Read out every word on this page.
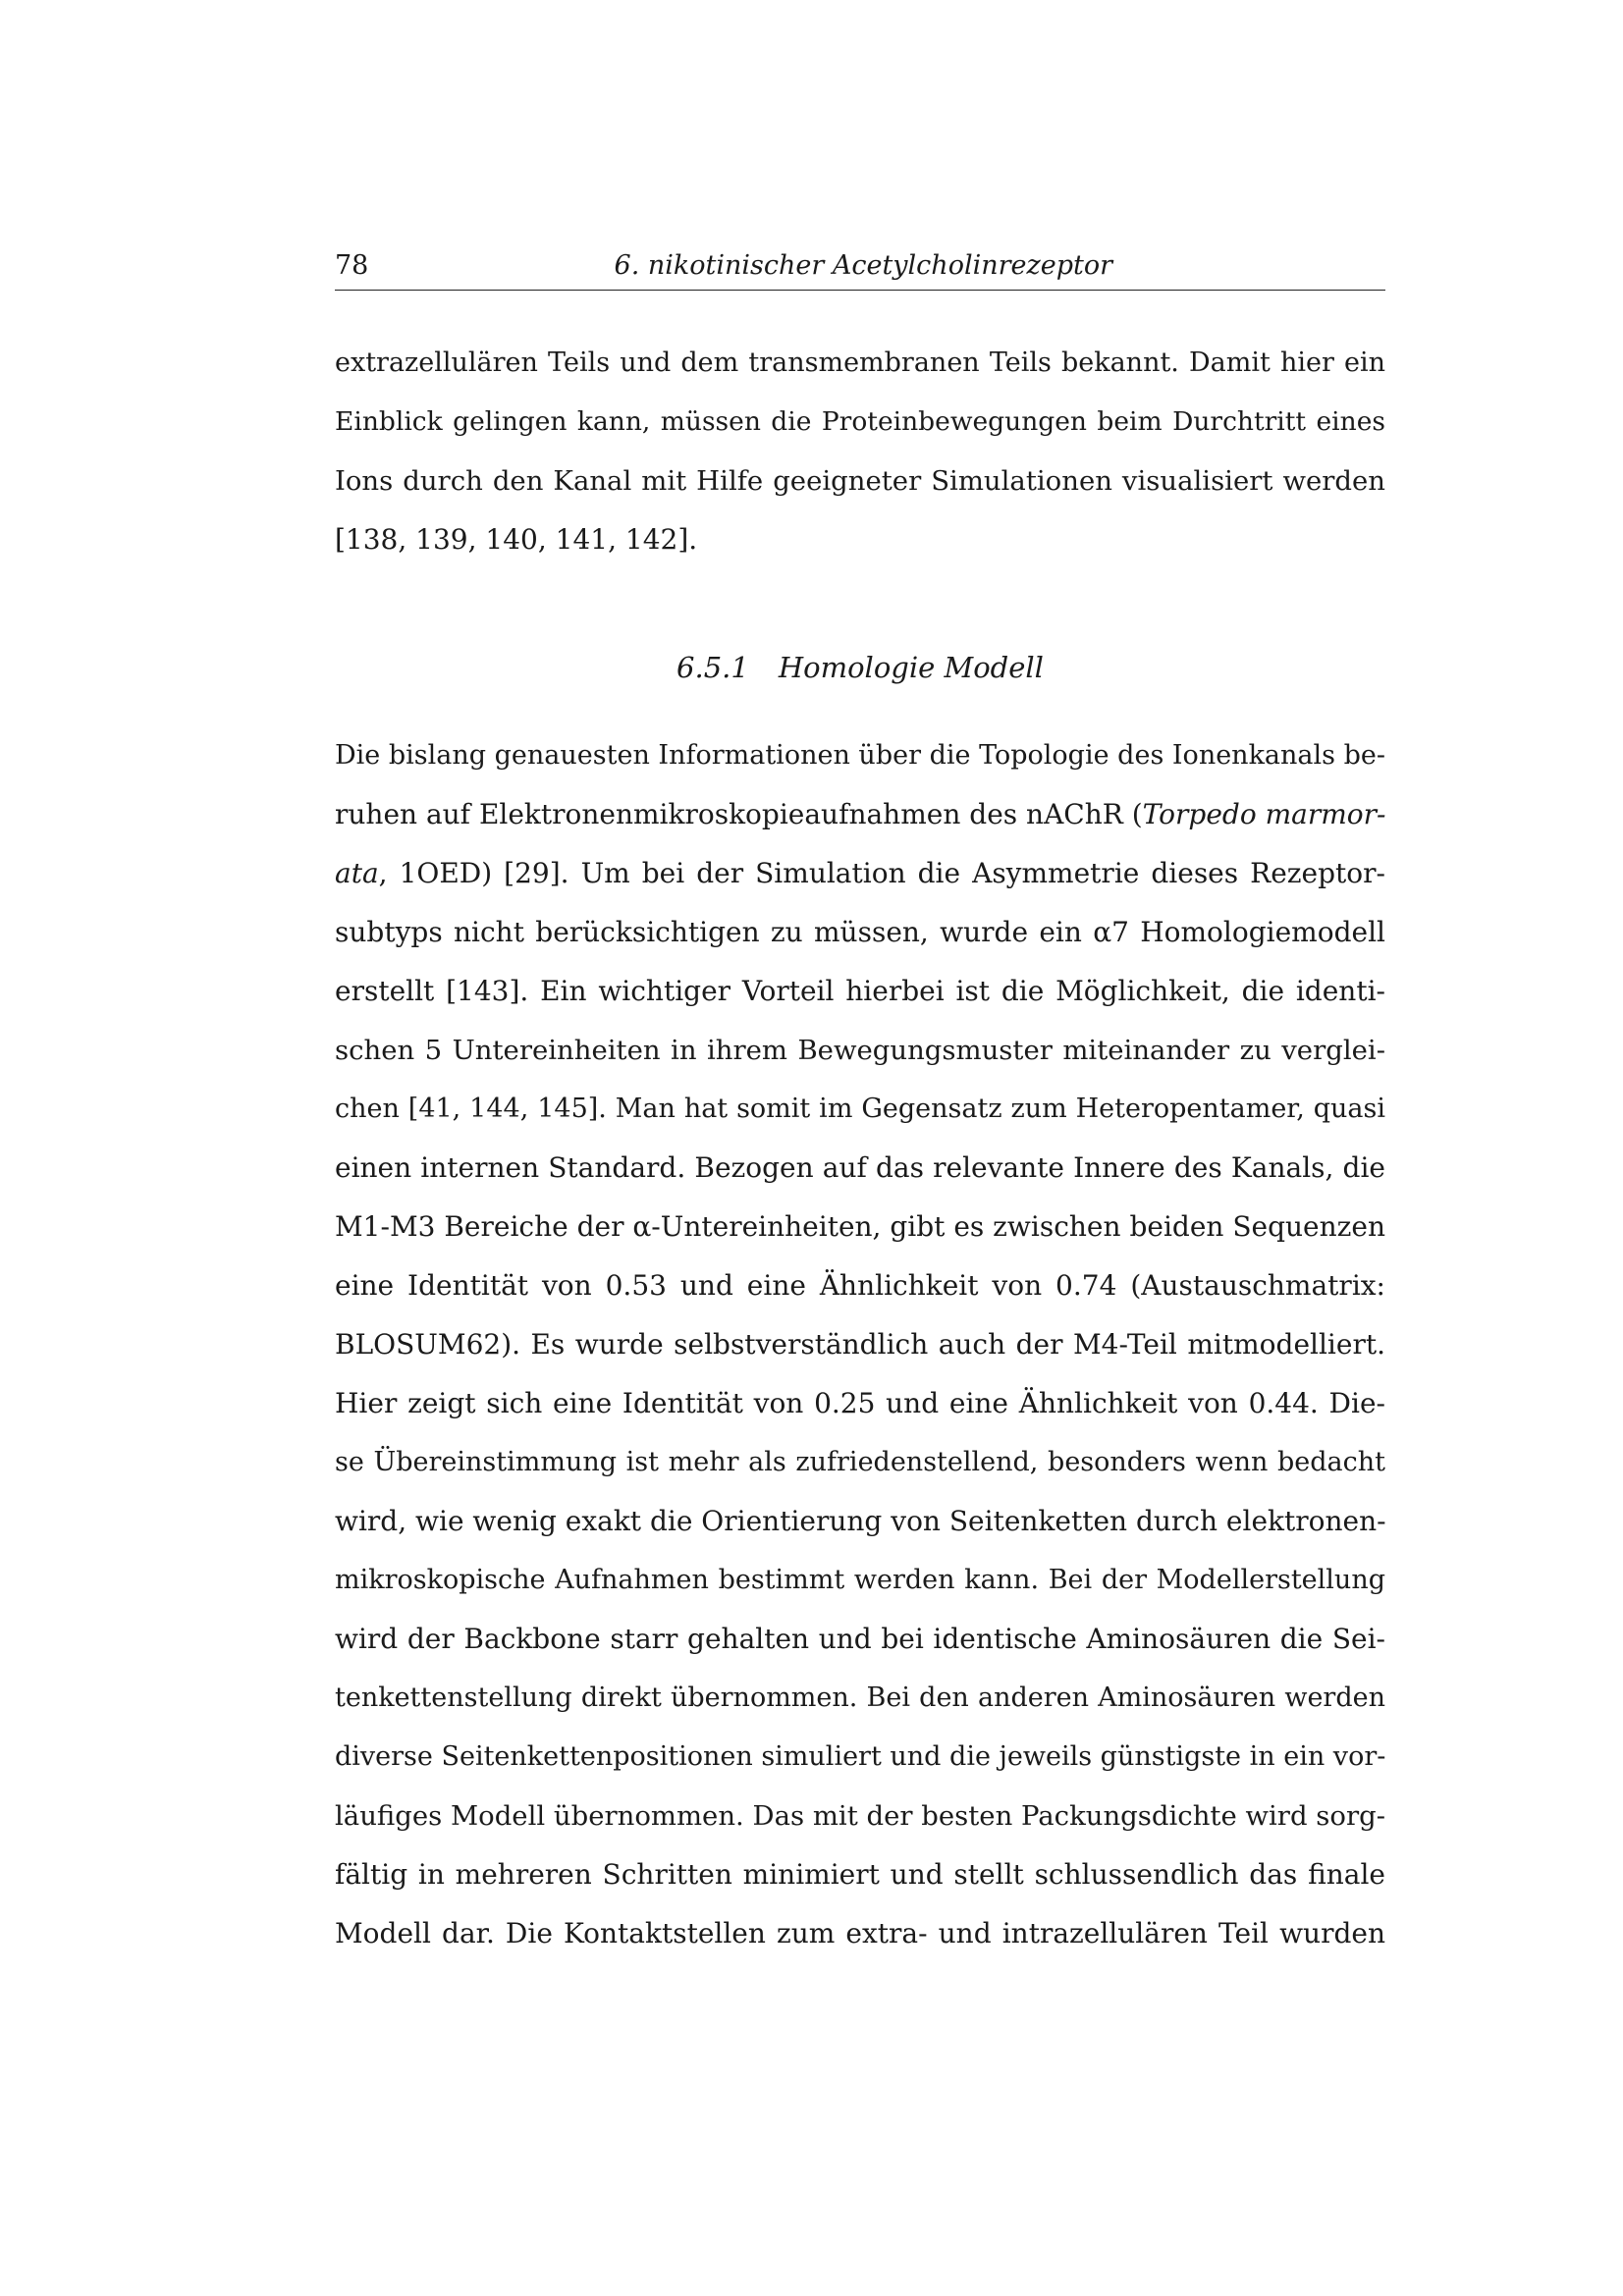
78	6. nikotinischer Acetylcholinrezeptor
extrazellulären Teils und dem transmembranen Teils bekannt. Damit hier ein
Einblick gelingen kann, müssen die Proteinbewegungen beim Durchtritt eines
Ions durch den Kanal mit Hilfe geeigneter Simulationen visualisiert werden
[138, 139, 140, 141, 142].
6.5.1 Homologie Modell
Die bislang genauesten Informationen über die Topologie des Ionenkanals be-
ruhen auf Elektronenmikroskopieaufnahmen des nAChR (Torpedo marmor-
ata, 1OED) [29]. Um bei der Simulation die Asymmetrie dieses Rezeptor-
subtyps nicht berücksichtigen zu müssen, wurde ein α7 Homologiemodell
erstellt [143]. Ein wichtiger Vorteil hierbei ist die Möglichkeit, die identi-
schen 5 Untereinheiten in ihrem Bewegungsmuster miteinander zu verglei-
chen [41, 144, 145]. Man hat somit im Gegensatz zum Heteropentamer, quasi
einen internen Standard. Bezogen auf das relevante Innere des Kanals, die
M1-M3 Bereiche der α-Untereinheiten, gibt es zwischen beiden Sequenzen
eine Identität von 0.53 und eine Ähnlichkeit von 0.74 (Austauschmatrix:
BLOSUM62). Es wurde selbstverständlich auch der M4-Teil mitmodelliert.
Hier zeigt sich eine Identität von 0.25 und eine Ähnlichkeit von 0.44. Die-
se Übereinstimmung ist mehr als zufriedenstellend, besonders wenn bedacht
wird, wie wenig exakt die Orientierung von Seitenketten durch elektronen-
mikroskopische Aufnahmen bestimmt werden kann. Bei der Modellerstellung
wird der Backbone starr gehalten und bei identische Aminosäuren die Sei-
tenkettenstellung direkt übernommen. Bei den anderen Aminosäuren werden
diverse Seitenkettenpositionen simuliert und die jeweils günstigste in ein vor-
läufiges Modell übernommen. Das mit der besten Packungsdichte wird sorg-
fältig in mehreren Schritten minimiert und stellt schlussendlich das finale
Modell dar. Die Kontaktstellen zum extra- und intrazellulären Teil wurden
